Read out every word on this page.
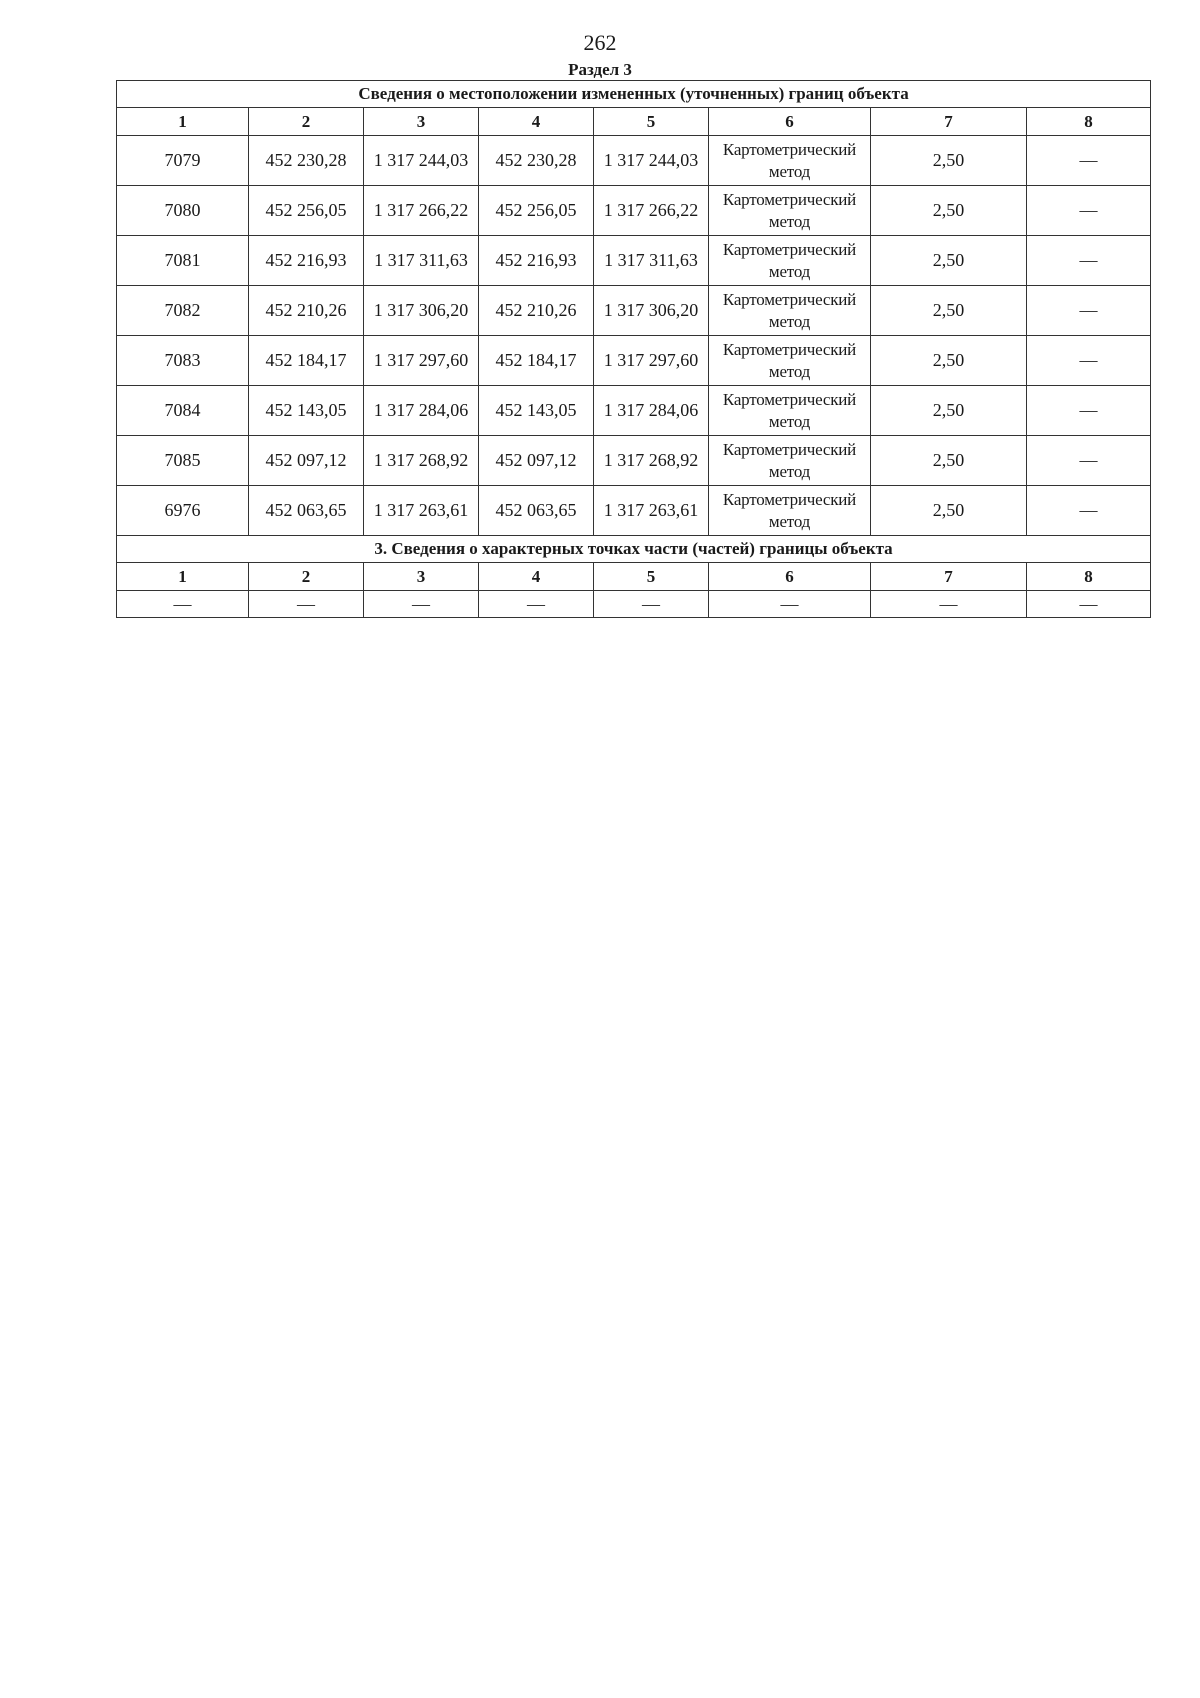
262
Раздел 3
Сведения о местоположении измененных (уточненных) границ объекта							
1	2	3	4	5	6	7	8
7079	452 230,28	1 317 244,03	452 230,28	1 317 244,03	Картометрический метод	2,50	—
7080	452 256,05	1 317 266,22	452 256,05	1 317 266,22	Картометрический метод	2,50	—
7081	452 216,93	1 317 311,63	452 216,93	1 317 311,63	Картометрический метод	2,50	—
7082	452 210,26	1 317 306,20	452 210,26	1 317 306,20	Картометрический метод	2,50	—
7083	452 184,17	1 317 297,60	452 184,17	1 317 297,60	Картометрический метод	2,50	—
7084	452 143,05	1 317 284,06	452 143,05	1 317 284,06	Картометрический метод	2,50	—
7085	452 097,12	1 317 268,92	452 097,12	1 317 268,92	Картометрический метод	2,50	—
6976	452 063,65	1 317 263,61	452 063,65	1 317 263,61	Картометрический метод	2,50	—
3. Сведения о характерных точках части (частей) границы объекта							
1	2	3	4	5	6	7	8
—	—	—	—	—	—	—	—
